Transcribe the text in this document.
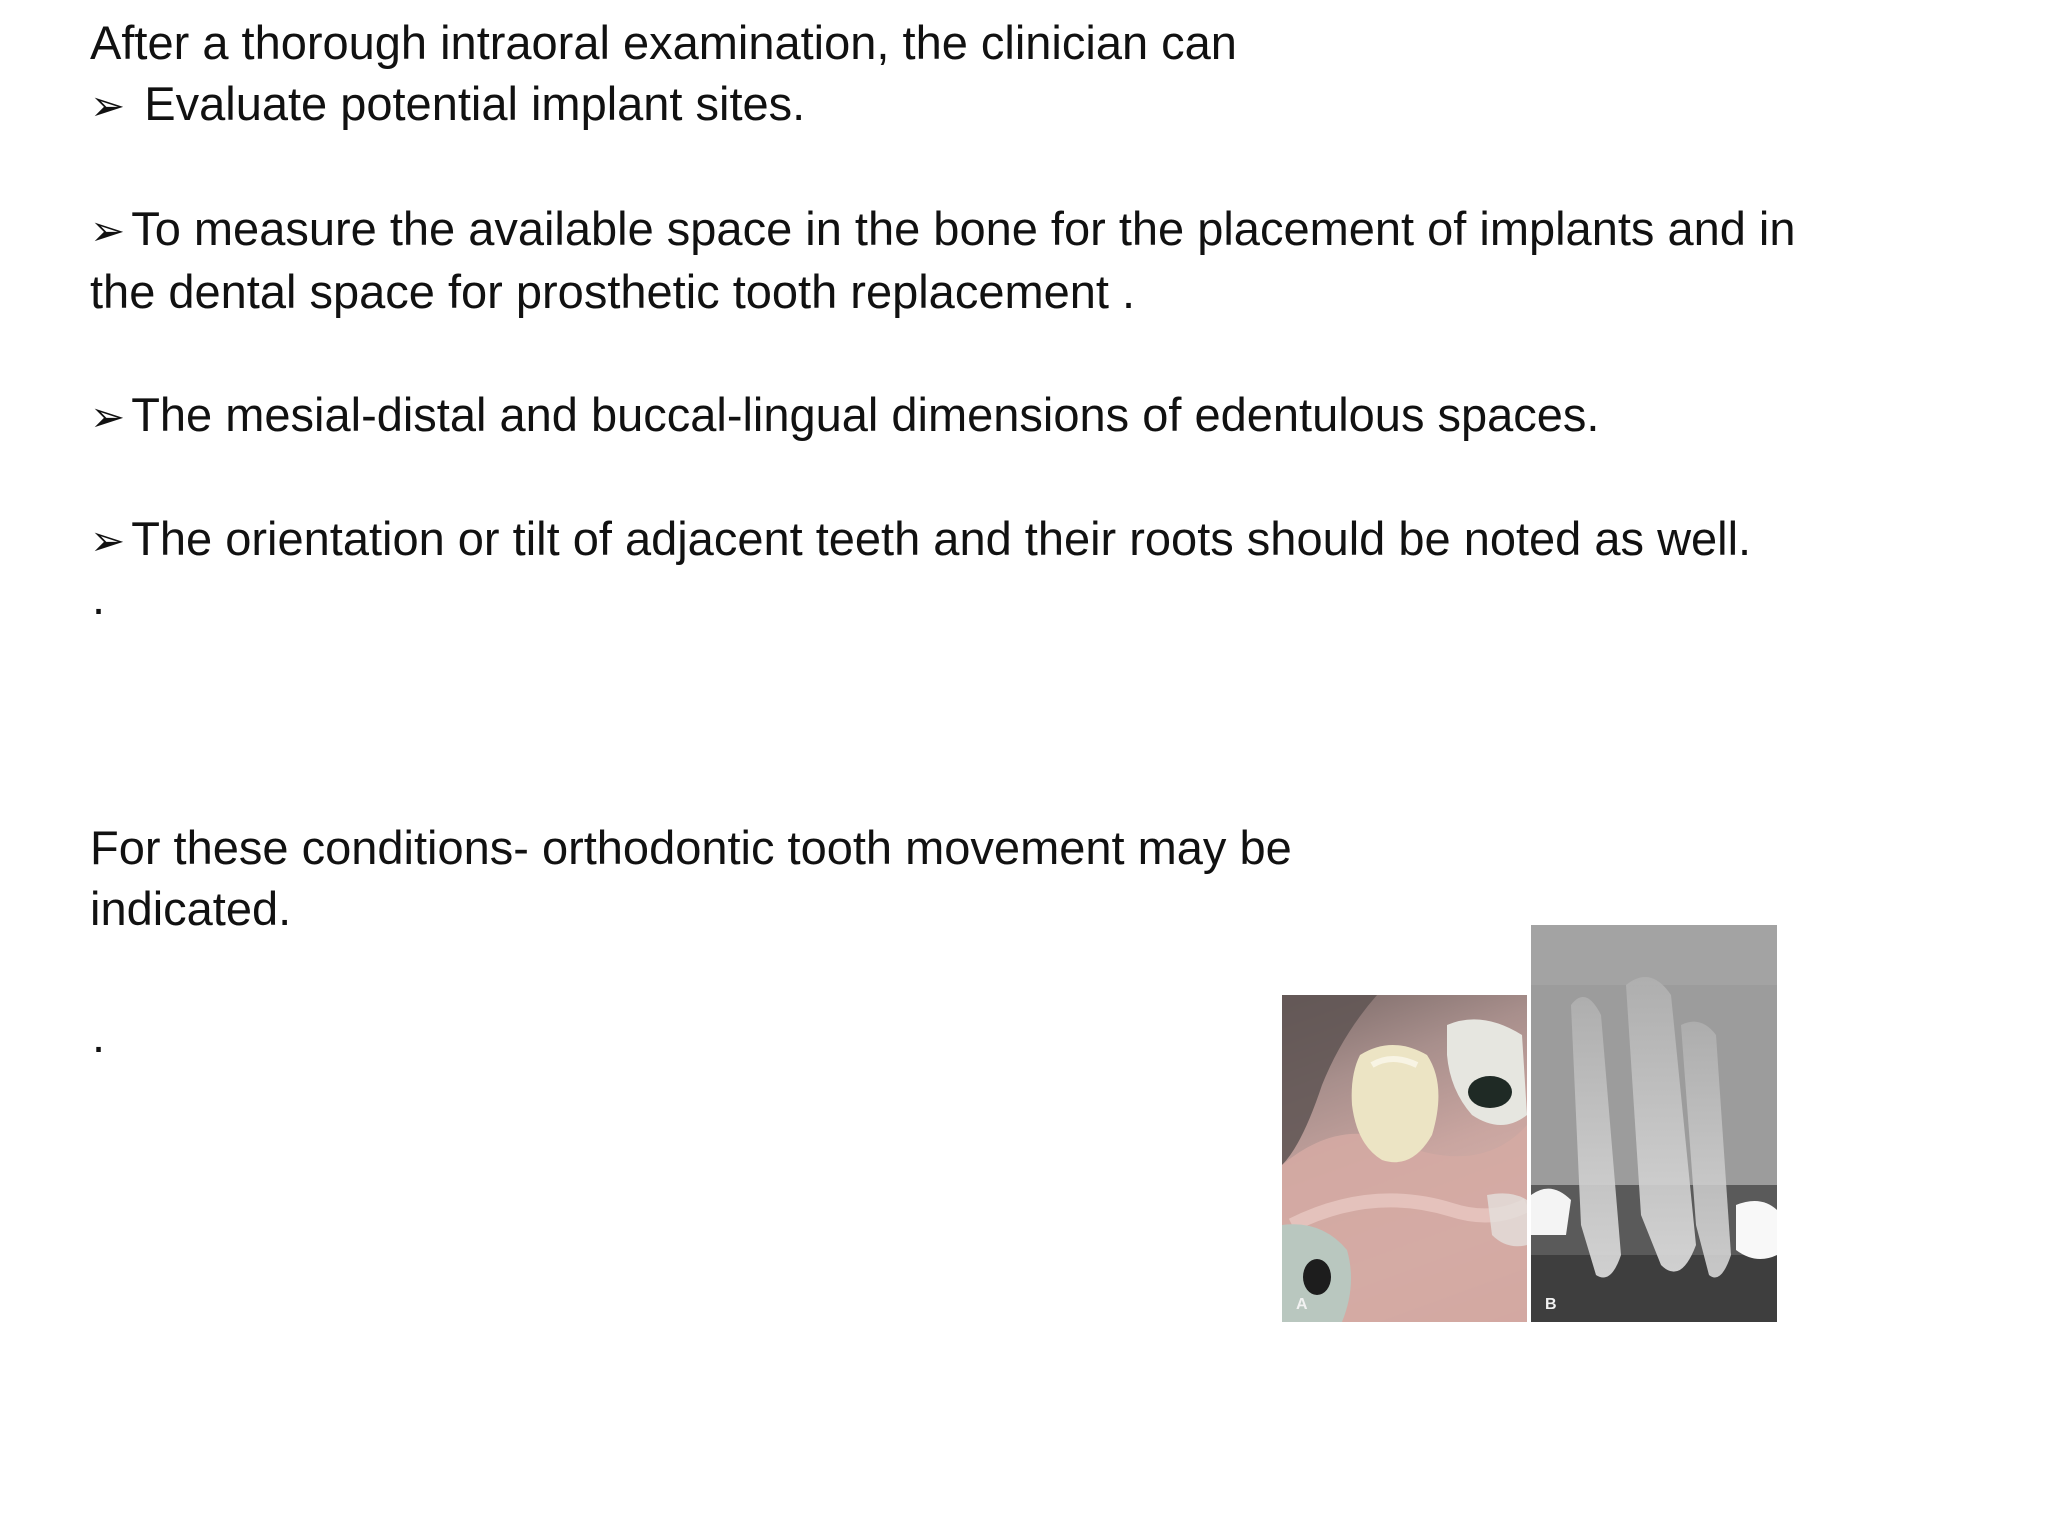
After a thorough intraoral examination, the clinician can
➢ Evaluate potential implant sites.
➢ To measure the available space in the bone for the placement of implants and in
the dental space for prosthetic tooth replacement .
➢ The mesial-distal and buccal-lingual dimensions of edentulous spaces.
➢ The orientation or tilt of adjacent teeth and their roots should be noted as well.
.
For these conditions- orthodontic tooth movement may be
indicated.
.
A	B
